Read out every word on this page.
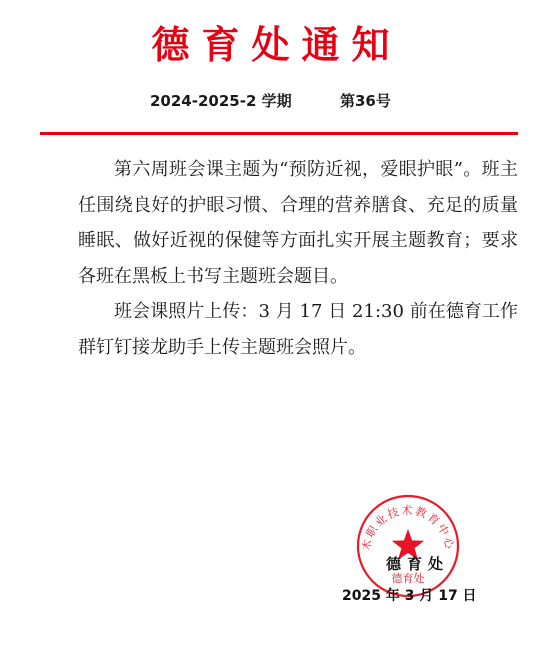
德育处通知
2024-2025-2 学期	第36号

第六周班会课主题为“预防近视，爱眼护眼”。班主任围绕良好的护眼习惯、合理的营养膳食、充足的质量睡眠、做好近视的保健等方面扎实开展主题教育；要求各班在黑板上书写主题班会题目。

班会课照片上传：3 月 17 日 21:30 前在德育工作群钉钉接龙助手上传主题班会照片。

木职业技术教育中心
德育处
德育处
2025 年 3 月 17 日
